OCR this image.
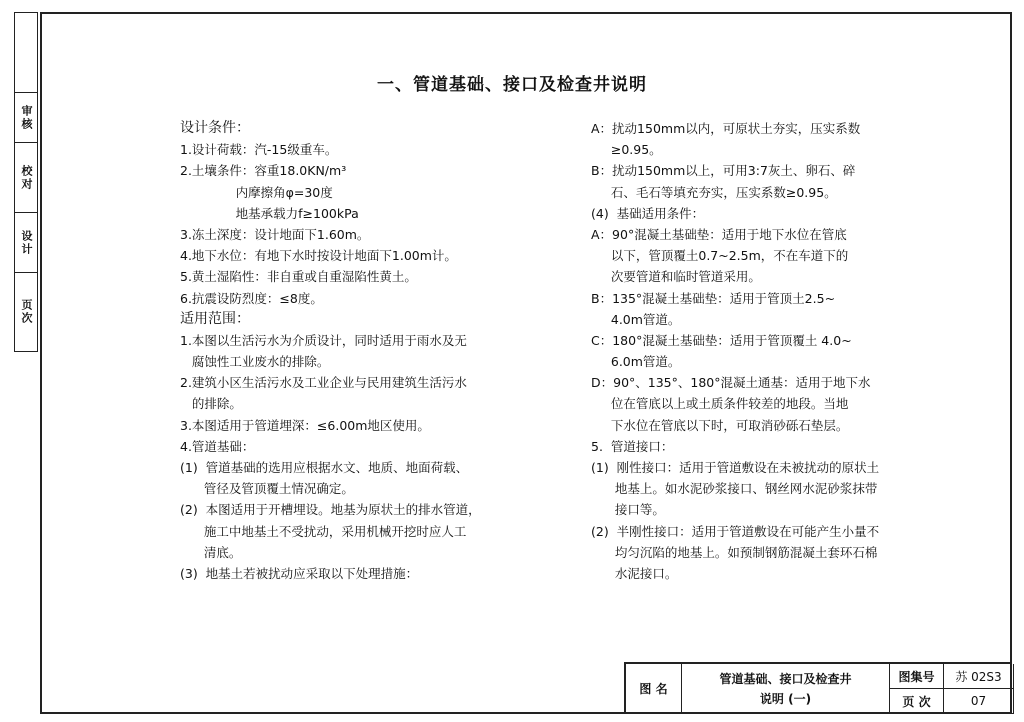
审核
校对
设计
页次
一、管道基础、接口及检查井说明
设计条件：
1.设计荷载：汽-15级重车。
2.土壤条件：容重18.0KN/m³
内摩擦角φ=30度
地基承载力f≥100kPa
3.冻土深度：设计地面下1.60m。
4.地下水位：有地下水时按设计地面下1.00m计。
5.黄土湿陷性：非自重或自重湿陷性黄土。
6.抗震设防烈度：≤8度。
适用范围：
1.本图以生活污水为介质设计，同时适用于雨水及无
腐蚀性工业废水的排除。
2.建筑小区生活污水及工业企业与民用建筑生活污水
的排除。
3.本图适用于管道埋深：≤6.00m地区使用。
4.管道基础：
(1)  管道基础的选用应根据水文、地质、地面荷载、
管径及管顶覆土情况确定。
(2)  本图适用于开槽埋设。地基为原状土的排水管道，
施工中地基土不受扰动，采用机械开挖时应人工
清底。
(3)  地基土若被扰动应采取以下处理措施：
A：扰动150mm以内，可原状土夯实，压实系数
≥0.95。
B：扰动150mm以上，可用3:7灰土、卵石、碎
石、毛石等填充夯实，压实系数≥0.95。
(4)  基础适用条件：
A：90°混凝土基础垫：适用于地下水位在管底
以下，管顶覆土0.7~2.5m，不在车道下的
次要管道和临时管道采用。
B：135°混凝土基础垫：适用于管顶土2.5~
4.0m管道。
C：180°混凝土基础垫：适用于管顶覆土 4.0~
6.0m管道。
D：90°、135°、180°混凝土通基：适用于地下水
位在管底以上或土质条件较差的地段。当地
下水位在管底以下时，可取消砂砾石垫层。
5.  管道接口：
(1)  刚性接口：适用于管道敷设在未被扰动的原状土
地基上。如水泥砂浆接口、钢丝网水泥砂浆抹带
接口等。
(2)  半刚性接口：适用于管道敷设在可能产生小量不
均匀沉陷的地基上。如预制钢筋混凝土套环石棉
水泥接口。
图 名
管道基础、接口及检查井
说明 (一)
图集号	苏 02S3
页 次	07
